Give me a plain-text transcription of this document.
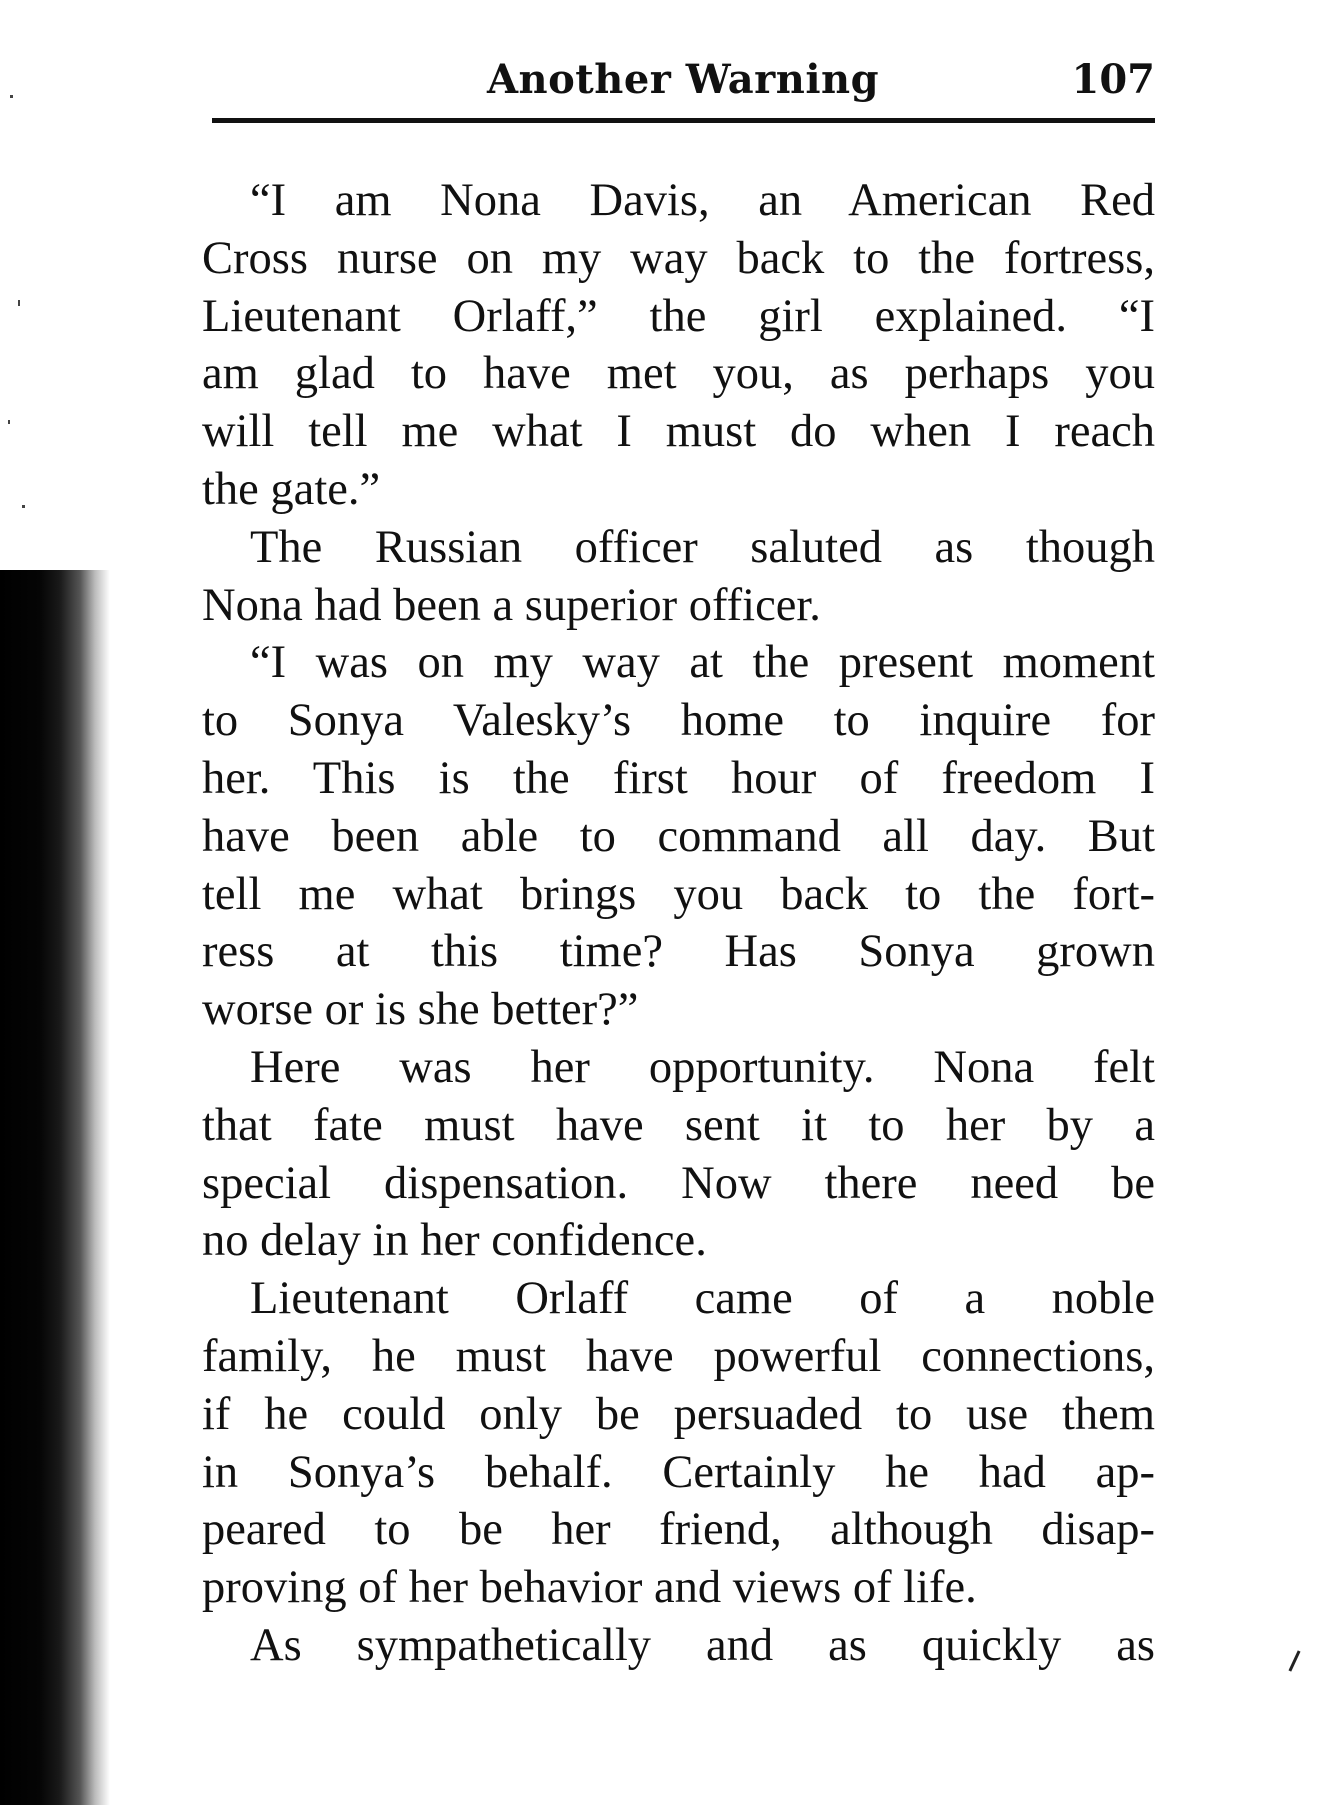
Another Warning	107
“I am Nona Davis, an American Red
Cross nurse on my way back to the fortress,
Lieutenant Orlaff,” the girl explained. “I
am glad to have met you, as perhaps you
will tell me what I must do when I reach
the gate.”
The Russian officer saluted as though
Nona had been a superior officer.
“I was on my way at the present moment
to Sonya Valesky’s home to inquire for
her. This is the first hour of freedom I
have been able to command all day. But
tell me what brings you back to the fort-
ress at this time? Has Sonya grown
worse or is she better?”
Here was her opportunity. Nona felt
that fate must have sent it to her by a
special dispensation. Now there need be
no delay in her confidence.
Lieutenant Orlaff came of a noble
family, he must have powerful connections,
if he could only be persuaded to use them
in Sonya’s behalf. Certainly he had ap-
peared to be her friend, although disap-
proving of her behavior and views of life.
As sympathetically and as quickly as
